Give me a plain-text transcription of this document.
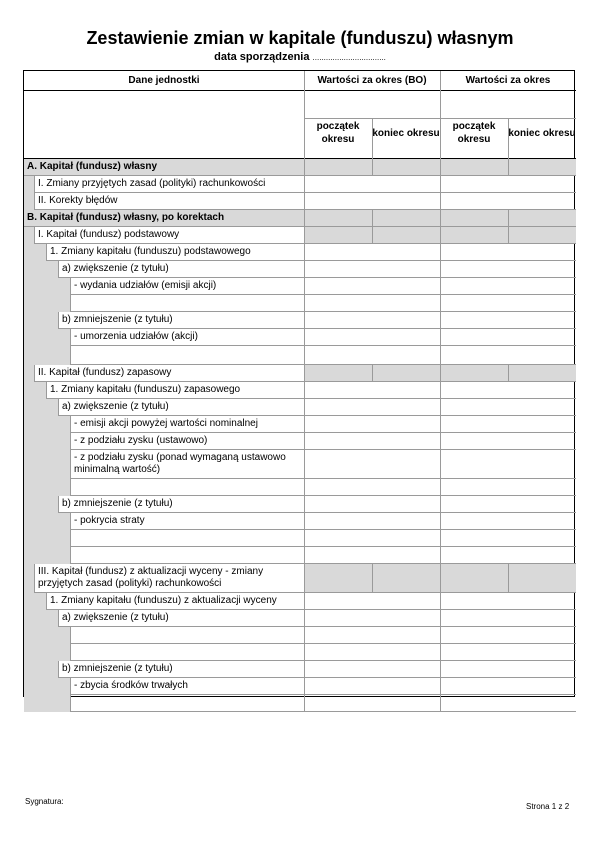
Zestawienie zmian w kapitale (funduszu) własnym
data sporządzenia .................................
Dane jednostki	Wartości za okres (BO)	Wartości za okres
początek okresu
koniec okresu
początek okresu
koniec okresu
A. Kapitał (fundusz) własny
I. Zmiany przyjętych zasad (polityki) rachunkowości
II. Korekty błędów
B. Kapitał (fundusz) własny, po korektach
I. Kapitał (fundusz) podstawowy
1. Zmiany kapitału (funduszu) podstawowego
a) zwiększenie (z tytułu)
- wydania udziałów (emisji akcji)
b) zmniejszenie (z tytułu)
- umorzenia udziałów (akcji)
II. Kapitał (fundusz) zapasowy
1. Zmiany kapitału (funduszu) zapasowego
a) zwiększenie (z tytułu)
- emisji akcji powyżej wartości nominalnej
- z podziału zysku (ustawowo)
- z podziału zysku (ponad wymaganą ustawowo minimalną wartość)
b) zmniejszenie (z tytułu)
- pokrycia straty
III. Kapitał (fundusz) z aktualizacji wyceny - zmiany przyjętych zasad (polityki) rachunkowości
1. Zmiany kapitału (funduszu) z aktualizacji wyceny
a) zwiększenie (z tytułu)
b) zmniejszenie (z tytułu)
- zbycia środków trwałych
Sygnatura:
Strona 1 z 2
